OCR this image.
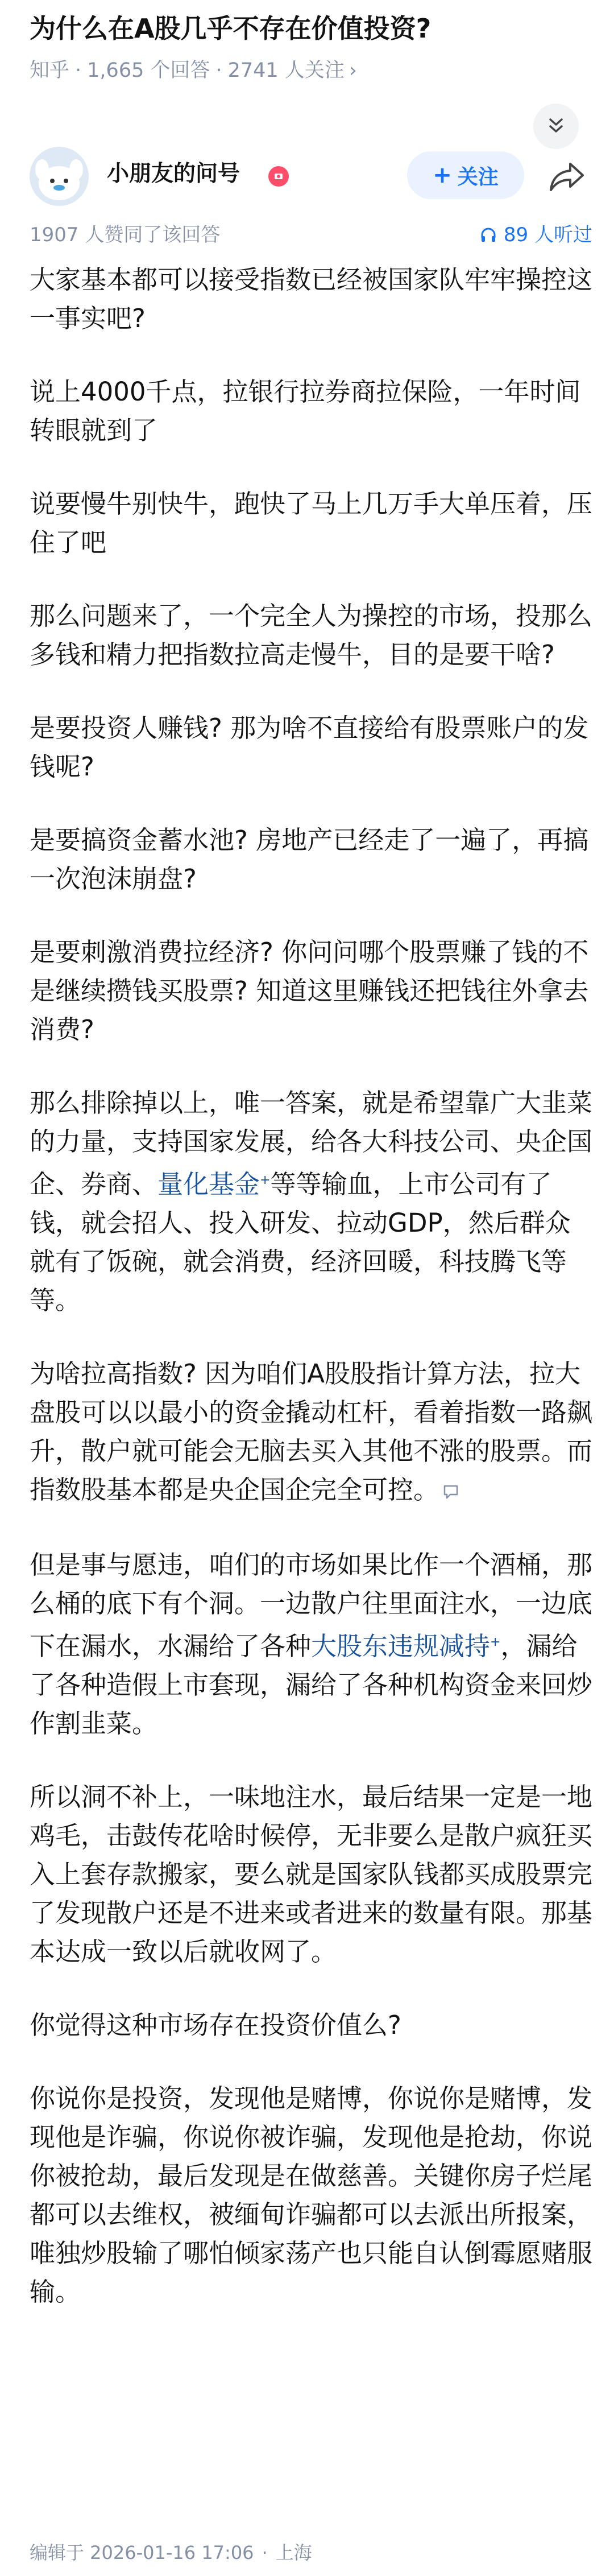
为什么在A股几乎不存在价值投资?
知乎 · 1,665 个回答 · 2741 人关注 ›
小朋友的问号	+ 关注
1907 人赞同了该回答	89 人听过

大家基本都可以接受指数已经被国家队牢牢操控这一事实吧?

说上4000千点，拉银行拉券商拉保险，一年时间转眼就到了

说要慢牛别快牛，跑快了马上几万手大单压着，压住了吧

那么问题来了，一个完全人为操控的市场，投那么多钱和精力把指数拉高走慢牛，目的是要干啥?

是要投资人赚钱? 那为啥不直接给有股票账户的发钱呢?

是要搞资金蓄水池? 房地产已经走了一遍了，再搞一次泡沫崩盘?

是要刺激消费拉经济? 你问问哪个股票赚了钱的不是继续攒钱买股票? 知道这里赚钱还把钱往外拿去消费?

那么排除掉以上，唯一答案，就是希望靠广大韭菜的力量，支持国家发展，给各大科技公司、央企国企、券商、量化基金+等等输血，上市公司有了钱，就会招人、投入研发、拉动GDP，然后群众就有了饭碗，就会消费，经济回暖，科技腾飞等等。

为啥拉高指数? 因为咱们A股股指计算方法，拉大盘股可以以最小的资金撬动杠杆，看着指数一路飙升，散户就可能会无脑去买入其他不涨的股票。而指数股基本都是央企国企完全可控。

但是事与愿违，咱们的市场如果比作一个酒桶，那么桶的底下有个洞。一边散户往里面注水，一边底下在漏水，水漏给了各种大股东违规减持+，漏给了各种造假上市套现，漏给了各种机构资金来回炒作割韭菜。

所以洞不补上，一味地注水，最后结果一定是一地鸡毛，击鼓传花啥时候停，无非要么是散户疯狂买入上套存款搬家，要么就是国家队钱都买成股票完了发现散户还是不进来或者进来的数量有限。那基本达成一致以后就收网了。

你觉得这种市场存在投资价值么?

你说你是投资，发现他是赌博，你说你是赌博，发现他是诈骗，你说你被诈骗，发现他是抢劫，你说你被抢劫，最后发现是在做慈善。关键你房子烂尾都可以去维权，被缅甸诈骗都可以去派出所报案，唯独炒股输了哪怕倾家荡产也只能自认倒霉愿赌服输。

编辑于 2026-01-16 17:06 · 上海
